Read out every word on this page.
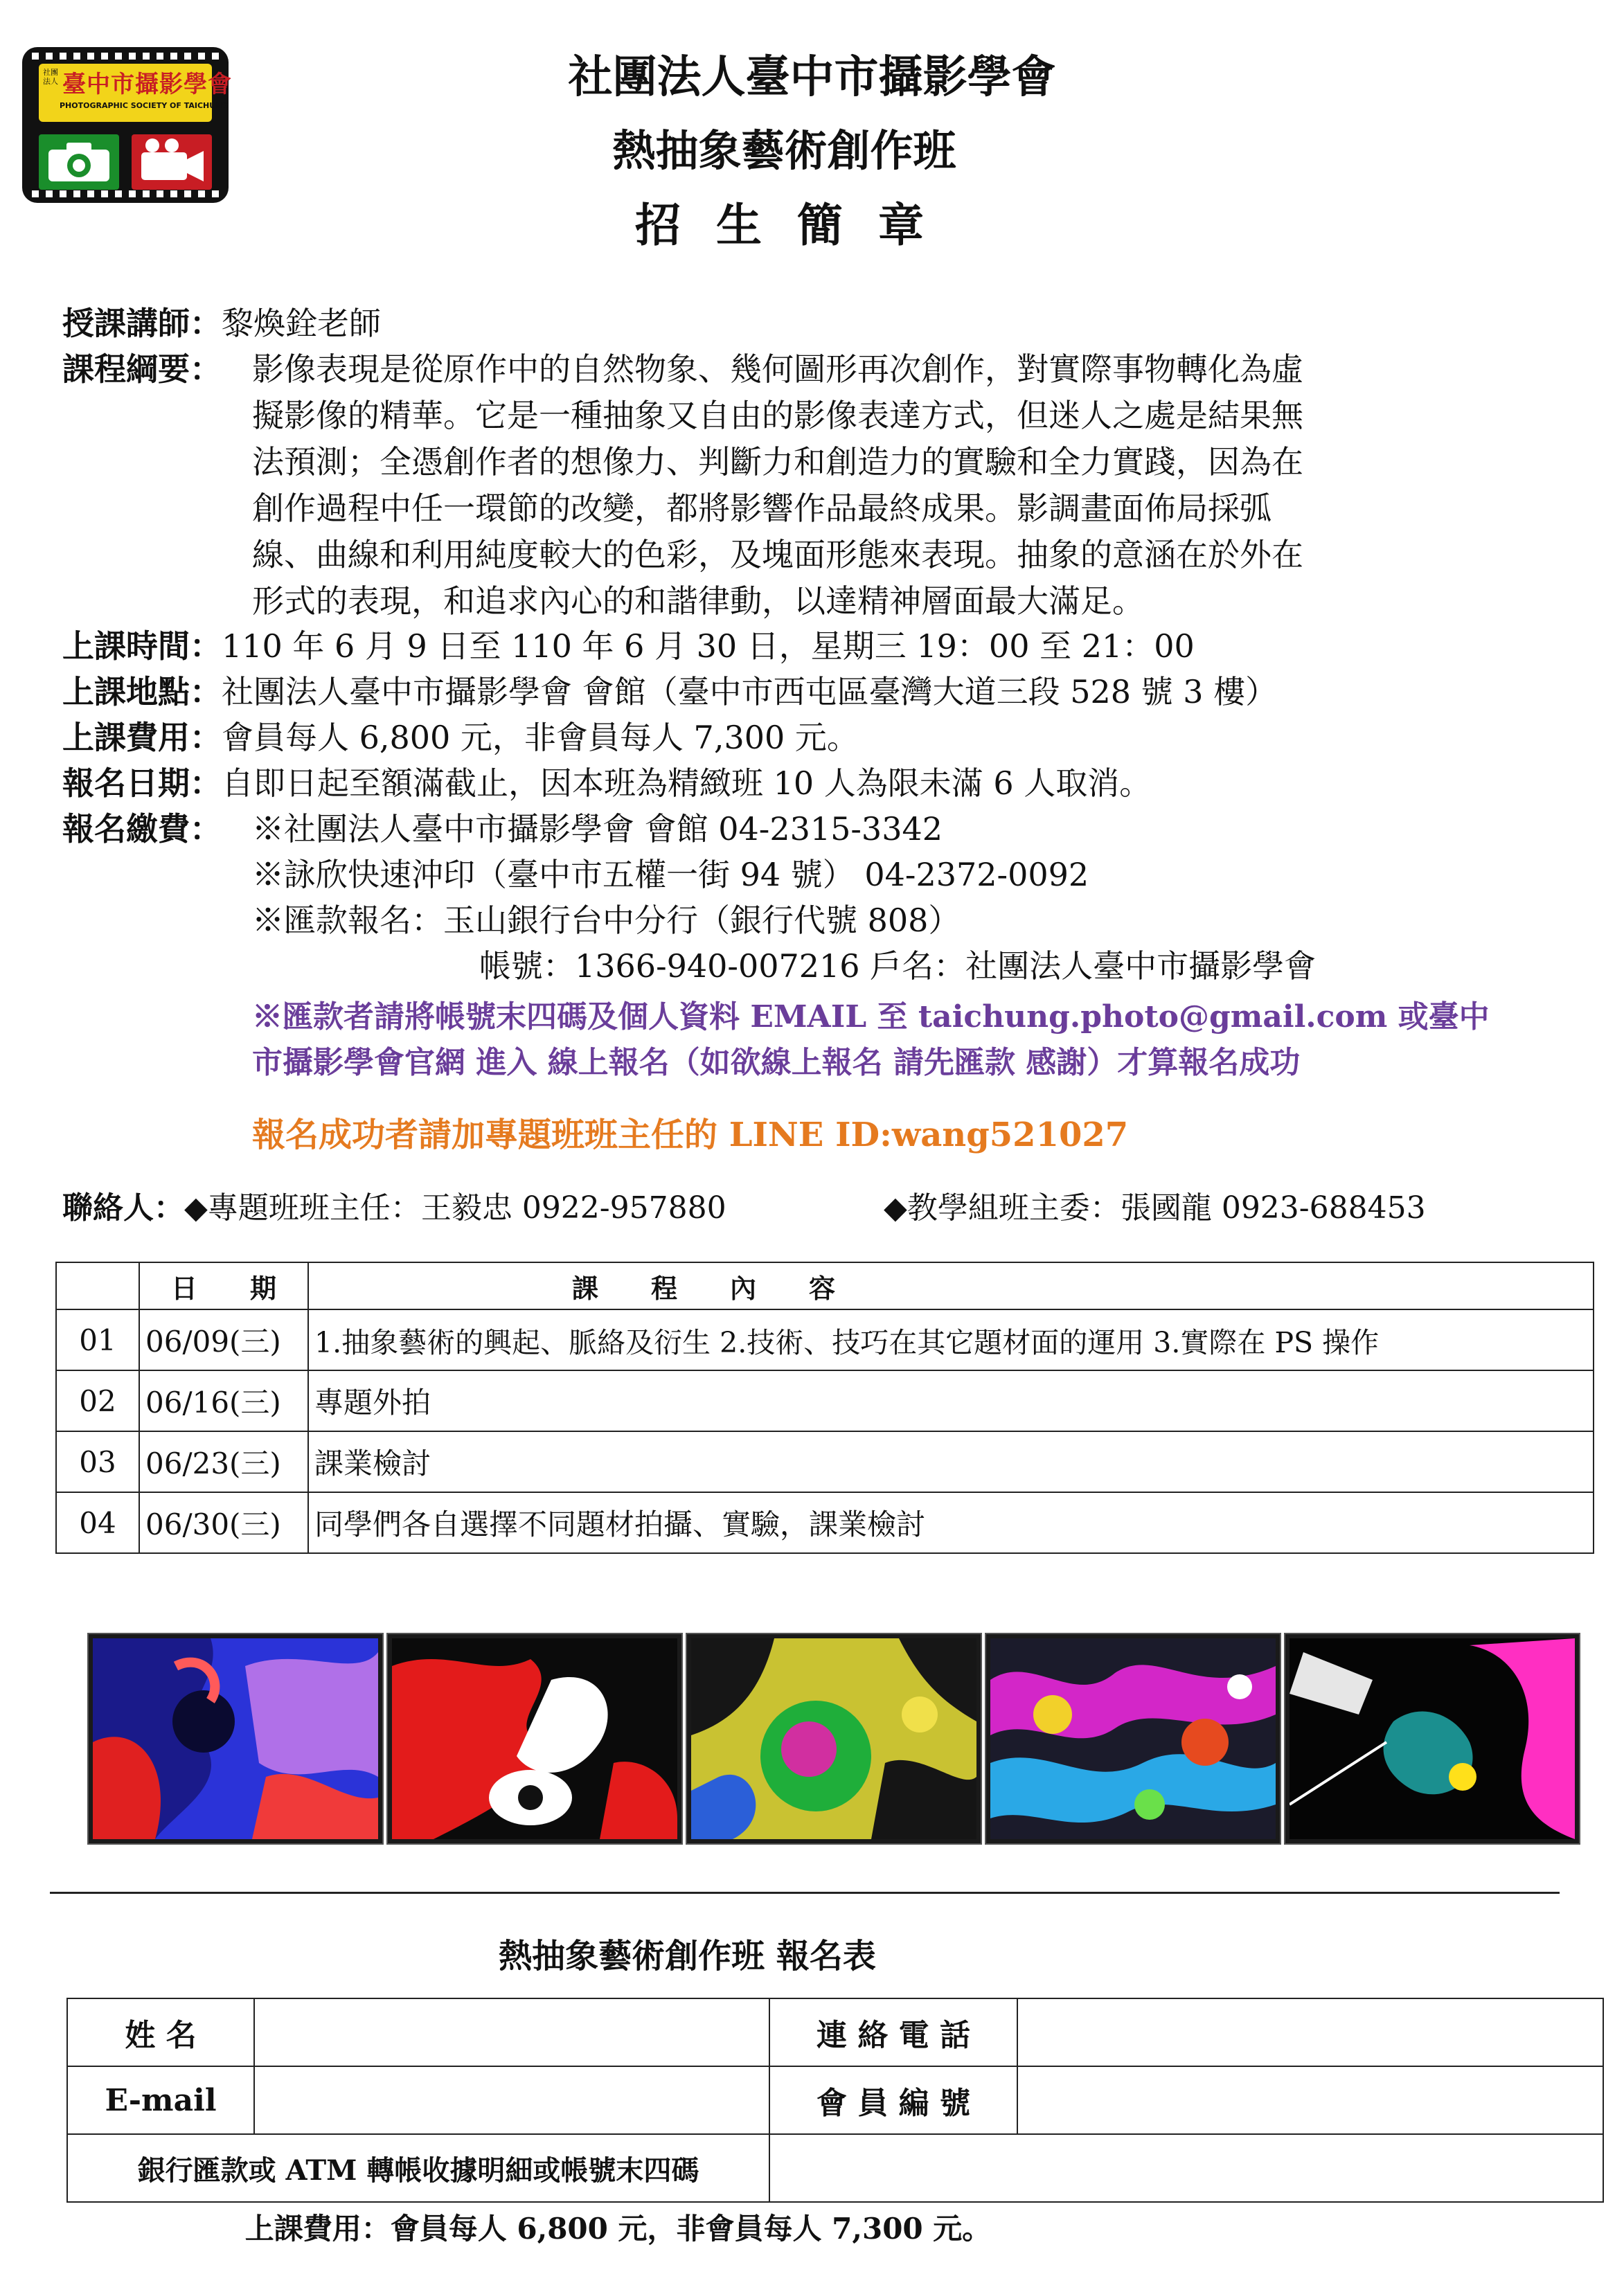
社團法人 臺中市攝影學會
PHOTOGRAPHIC SOCIETY OF TAICHUNG
社團法人臺中市攝影學會
熱抽象藝術創作班
招 生 簡 章
授課講師：黎煥銓老師
課程綱要： 影像表現是從原作中的自然物象、幾何圖形再次創作，對實際事物轉化為虛
擬影像的精華。它是一種抽象又自由的影像表達方式，但迷人之處是結果無
法預測；全憑創作者的想像力、判斷力和創造力的實驗和全力實踐，因為在
創作過程中任一環節的改變，都將影響作品最終成果。影調畫面佈局採弧
線、曲線和利用純度較大的色彩，及塊面形態來表現。抽象的意涵在於外在
形式的表現，和追求內心的和諧律動，以達精神層面最大滿足。
上課時間：110 年 6 月 9 日至 110 年 6 月 30 日，星期三 19：00 至 21：00
上課地點：社團法人臺中市攝影學會 會館（臺中市西屯區臺灣大道三段 528 號 3 樓）
上課費用：會員每人 6,800 元，非會員每人 7,300 元。
報名日期：自即日起至額滿截止，因本班為精緻班 10 人為限未滿 6 人取消。
報名繳費： ※社團法人臺中市攝影學會 會館 04-2315-3342
※詠欣快速沖印（臺中市五權一街 94 號） 04-2372-0092
※匯款報名：玉山銀行台中分行（銀行代號 808）
帳號：1366-940-007216 戶名：社團法人臺中市攝影學會
※匯款者請將帳號末四碼及個人資料 EMAIL 至 taichung.photo@gmail.com 或臺中
市攝影學會官網 進入 線上報名（如欲線上報名 請先匯款 感謝）才算報名成功
報名成功者請加專題班班主任的 LINE ID:wang521027
聯絡人：◆專題班班主任：王毅忠 0922-957880	◆教學組班主委：張國龍 0923-688453
	日　　期	課　　程　　內　　容
01	06/09(三)	1.抽象藝術的興起、脈絡及衍生 2.技術、技巧在其它題材面的運用 3.實際在 PS 操作
02	06/16(三)	專題外拍
03	06/23(三)	課業檢討
04	06/30(三)	同學們各自選擇不同題材拍攝、實驗，課業檢討
熱抽象藝術創作班 報名表
姓 名		連 絡 電 話	
E-mail		會 員 編 號	
銀行匯款或 ATM 轉帳收據明細或帳號末四碼			
上課費用：會員每人 6,800 元，非會員每人 7,300 元。
